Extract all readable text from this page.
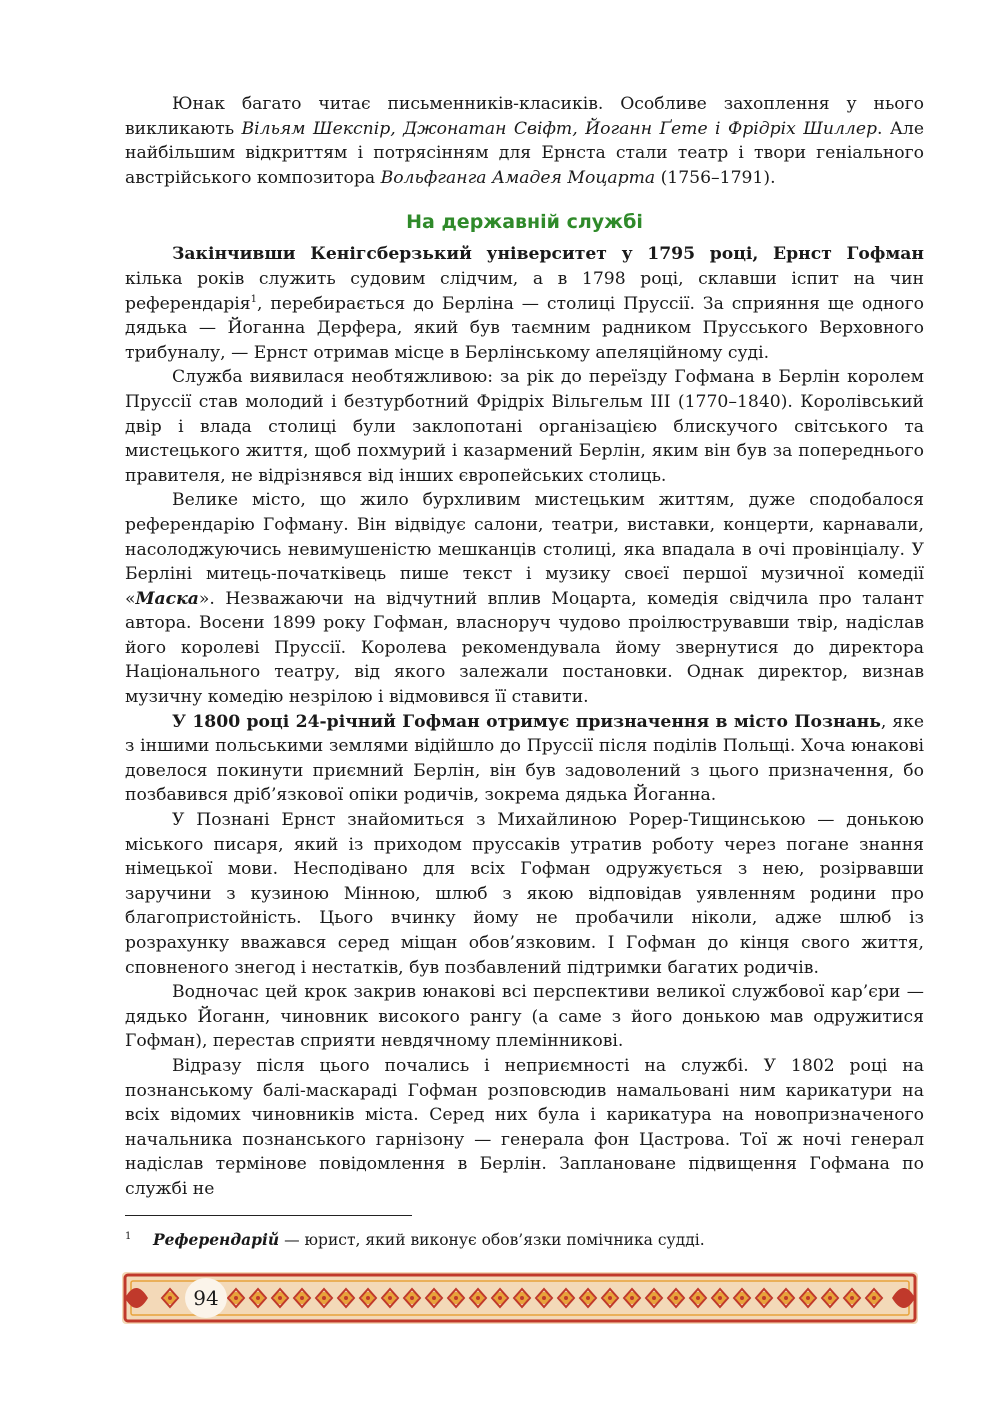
Юнак багато читає письменників-класиків. Особливе захоплення у нього викликають Вільям Шекспір, Джонатан Свіфт, Йоганн Ґете і Фрідріх Шиллер. Але найбільшим відкриттям і потрясінням для Ернста стали театр і твори геніального австрійського композитора Вольфганга Амадея Моцарта (1756–1791).

На державній службі

Закінчивши Кенігсберзький університет у 1795 році, Ернст Гофман кілька років служить судовим слідчим, а в 1798 році, склавши іспит на чин референдарія$^1$, перебирається до Берліна — столиці Пруссії. За сприяння ще одного дядька — Йоганна Дерфера, який був таємним радником Прусського Верховного трибуналу, — Ернст отримав місце в Берлінському апеляційному суді.

Служба виявилася необтяжливою: за рік до переїзду Гофмана в Берлін королем Пруссії став молодий і безтурботний Фрідріх Вільгельм III (1770–1840). Королівський двір і влада столиці були заклопотані організацією блискучого світського та мистецького життя, щоб похмурий і казармений Берлін, яким він був за попереднього правителя, не відрізнявся від інших європейських столиць.

Велике місто, що жило бурхливим мистецьким життям, дуже сподобалося референдарію Гофману. Він відвідує салони, театри, виставки, концерти, карнавали, насолоджуючись невимушеністю мешканців столиці, яка впадала в очі провінціалу. У Берліні митець-початківець пише текст і музику своєї першої музичної комедії «Маска». Незважаючи на відчутний вплив Моцарта, комедія свідчила про талант автора. Восени 1899 року Гофман, власноруч чудово проілюструвавши твір, надіслав його королеві Пруссії. Королева рекомендувала йому звернутися до директора Національного театру, від якого залежали постановки. Однак директор, визнав музичну комедію незрілою і відмовився її ставити.

У 1800 році 24-річний Гофман отримує призначення в місто Познань, яке з іншими польськими землями відійшло до Пруссії після поділів Польщі. Хоча юнакові довелося покинути приємний Берлін, він був задоволений з цього призначення, бо позбавився дріб’язкової опіки родичів, зокрема дядька Йоганна.

У Познані Ернст знайомиться з Михайлиною Рорер-Тищинською — донькою міського писаря, який із приходом пруссаків утратив роботу через погане знання німецької мови. Несподівано для всіх Гофман одружується з нею, розірвавши заручини з кузиною Мінною, шлюб з якою відповідав уявленням родини про благопристойність. Цього вчинку йому не пробачили ніколи, адже шлюб із розрахунку вважався серед міщан обов’язковим. І Гофман до кінця свого життя, сповненого знегод і нестатків, був позбавлений підтримки багатих родичів.

Водночас цей крок закрив юнакові всі перспективи великої службової кар’єри — дядько Йоганн, чиновник високого рангу (а саме з його донькою мав одружитися Гофман), перестав сприяти невдячному племінникові.

Відразу після цього почались і неприємності на службі. У 1802 році на познанському балі-маскараді Гофман розповсюдив намальовані ним карикатури на всіх відомих чиновників міста. Серед них була і карикатура на новопризначеного начальника познанського гарнізону — генерала фон Цастрова. Тої ж ночі генерал надіслав термінове повідомлення в Берлін. Заплановане підвищення Гофмана по службі не

1 Референдарій — юрист, який виконує обов’язки помічника судді.
94
